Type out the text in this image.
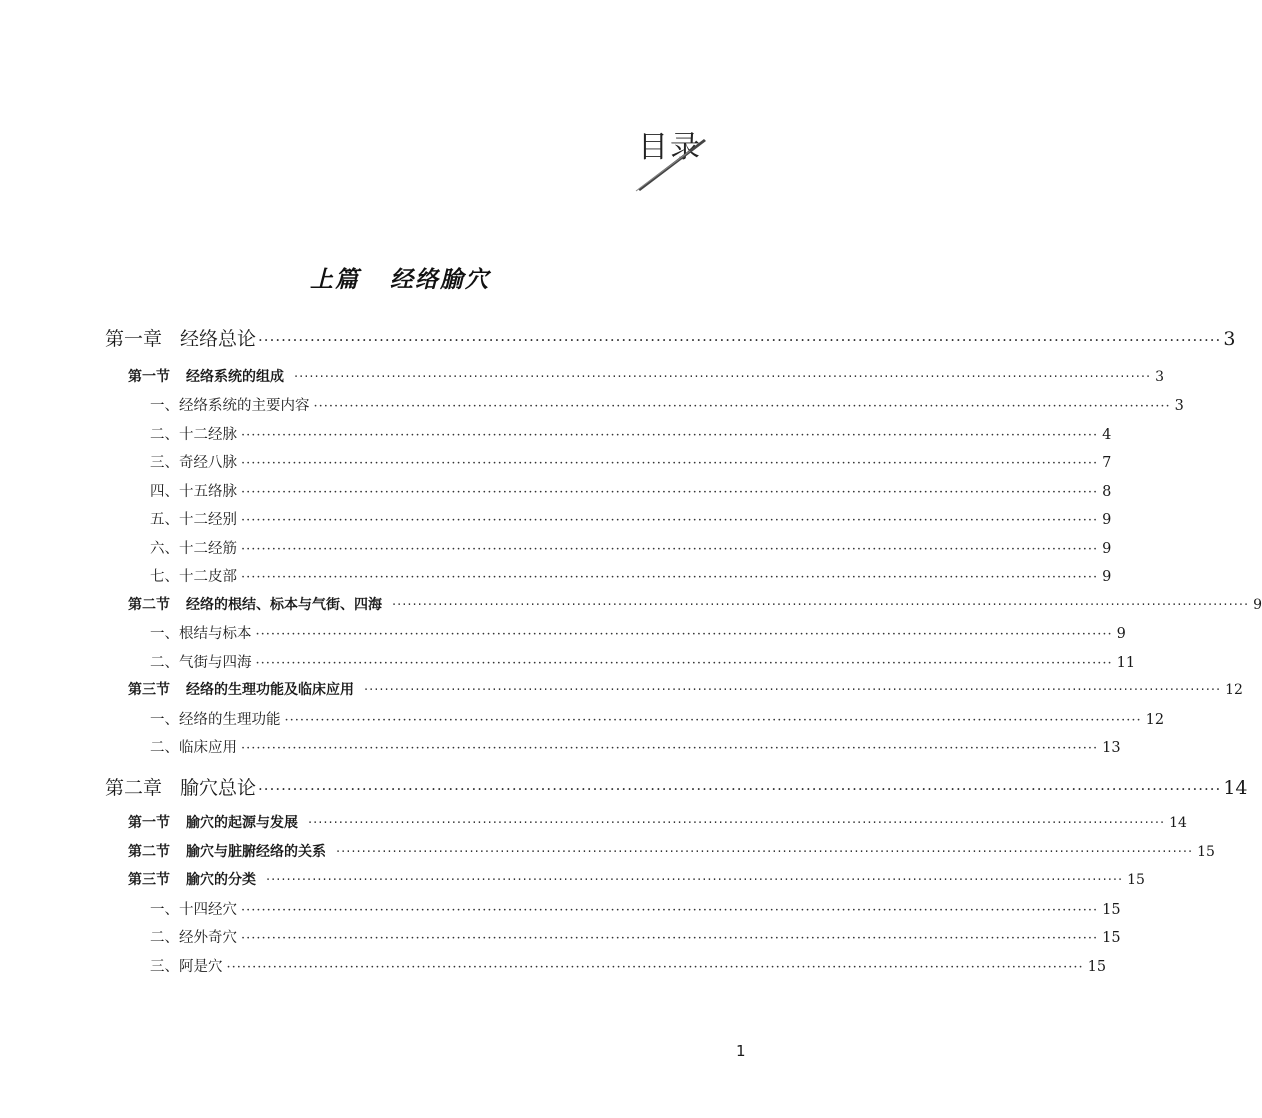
目录
上篇 经络腧穴
第一章 经络总论 ······································································································································································· 3
第一节 经络系统的组成 ······································································································································································· 3
一、经络系统的主要内容 ······································································································································································· 3
二、十二经脉 ······································································································································································· 4
三、奇经八脉 ······································································································································································· 7
四、十五络脉 ······································································································································································· 8
五、十二经别 ······································································································································································· 9
六、十二经筋 ······································································································································································· 9
七、十二皮部 ······································································································································································· 9
第二节 经络的根结、标本与气街、四海 ······································································································································································· 9
一、根结与标本 ······································································································································································· 9
二、气街与四海 ······································································································································································· 11
第三节 经络的生理功能及临床应用 ······································································································································································· 12
一、经络的生理功能 ······································································································································································· 12
二、临床应用 ······································································································································································· 13
第二章 腧穴总论 ······································································································································································· 14
第一节 腧穴的起源与发展 ······································································································································································· 14
第二节 腧穴与脏腑经络的关系 ······································································································································································· 15
第三节 腧穴的分类 ······································································································································································· 15
一、十四经穴 ······································································································································································· 15
二、经外奇穴 ······································································································································································· 15
三、阿是穴 ······································································································································································· 15
1
